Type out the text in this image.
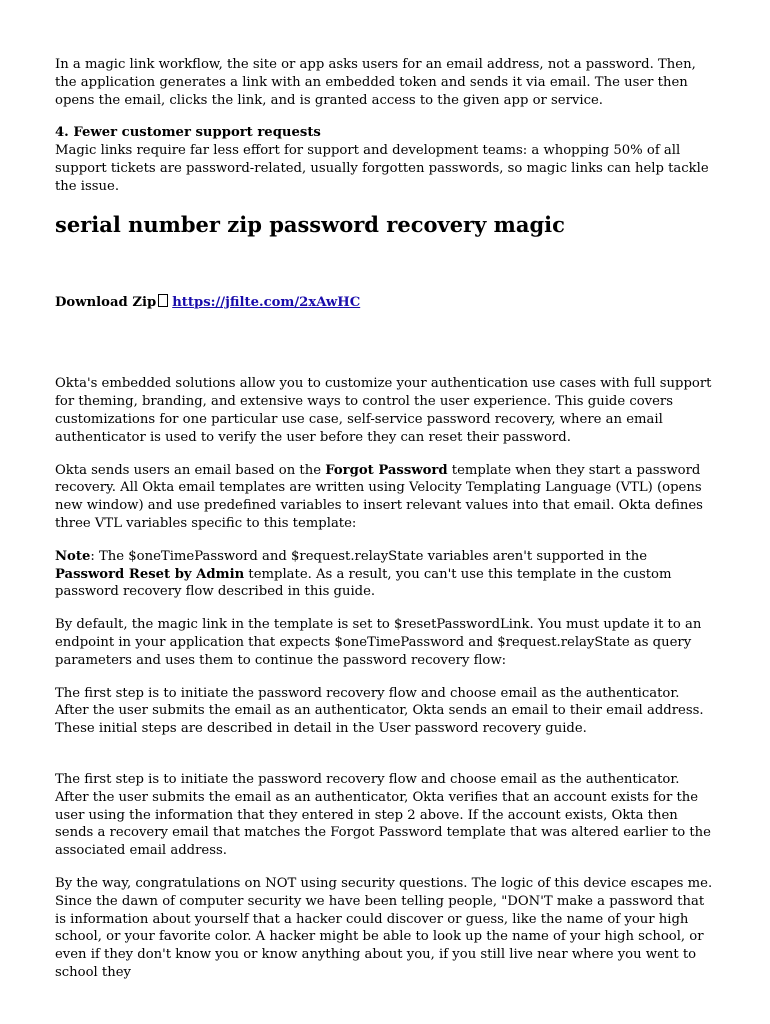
In a magic link workflow, the site or app asks users for an email address, not a password. Then, the application generates a link with an embedded token and sends it via email. The user then opens the email, clicks the link, and is granted access to the given app or service.

4. Fewer customer support requests

Magic links require far less effort for support and development teams: a whopping 50% of all support tickets are password-related, usually forgotten passwords, so magic links can help tackle the issue.

serial number zip password recovery magic

Download Zip https://jfilte.com/2xAwHC

Okta's embedded solutions allow you to customize your authentication use cases with full support for theming, branding, and extensive ways to control the user experience. This guide covers customizations for one particular use case, self-service password recovery, where an email authenticator is used to verify the user before they can reset their password.

Okta sends users an email based on the Forgot Password template when they start a password recovery. All Okta email templates are written using Velocity Templating Language (VTL) (opens new window) and use predefined variables to insert relevant values into that email. Okta defines three VTL variables specific to this template:

Note: The $oneTimePassword and $request.relayState variables aren't supported in the Password Reset by Admin template. As a result, you can't use this template in the custom password recovery flow described in this guide.

By default, the magic link in the template is set to $resetPasswordLink. You must update it to an endpoint in your application that expects $oneTimePassword and $request.relayState as query parameters and uses them to continue the password recovery flow:

The first step is to initiate the password recovery flow and choose email as the authenticator. After the user submits the email as an authenticator, Okta sends an email to their email address. These initial steps are described in detail in the User password recovery guide.

The first step is to initiate the password recovery flow and choose email as the authenticator. After the user submits the email as an authenticator, Okta verifies that an account exists for the user using the information that they entered in step 2 above. If the account exists, Okta then sends a recovery email that matches the Forgot Password template that was altered earlier to the associated email address.

By the way, congratulations on NOT using security questions. The logic of this device escapes me. Since the dawn of computer security we have been telling people, "DON'T make a password that is information about yourself that a hacker could discover or guess, like the name of your high school, or your favorite color. A hacker might be able to look up the name of your high school, or even if they don't know you or know anything about you, if you still live near where you went to school they
